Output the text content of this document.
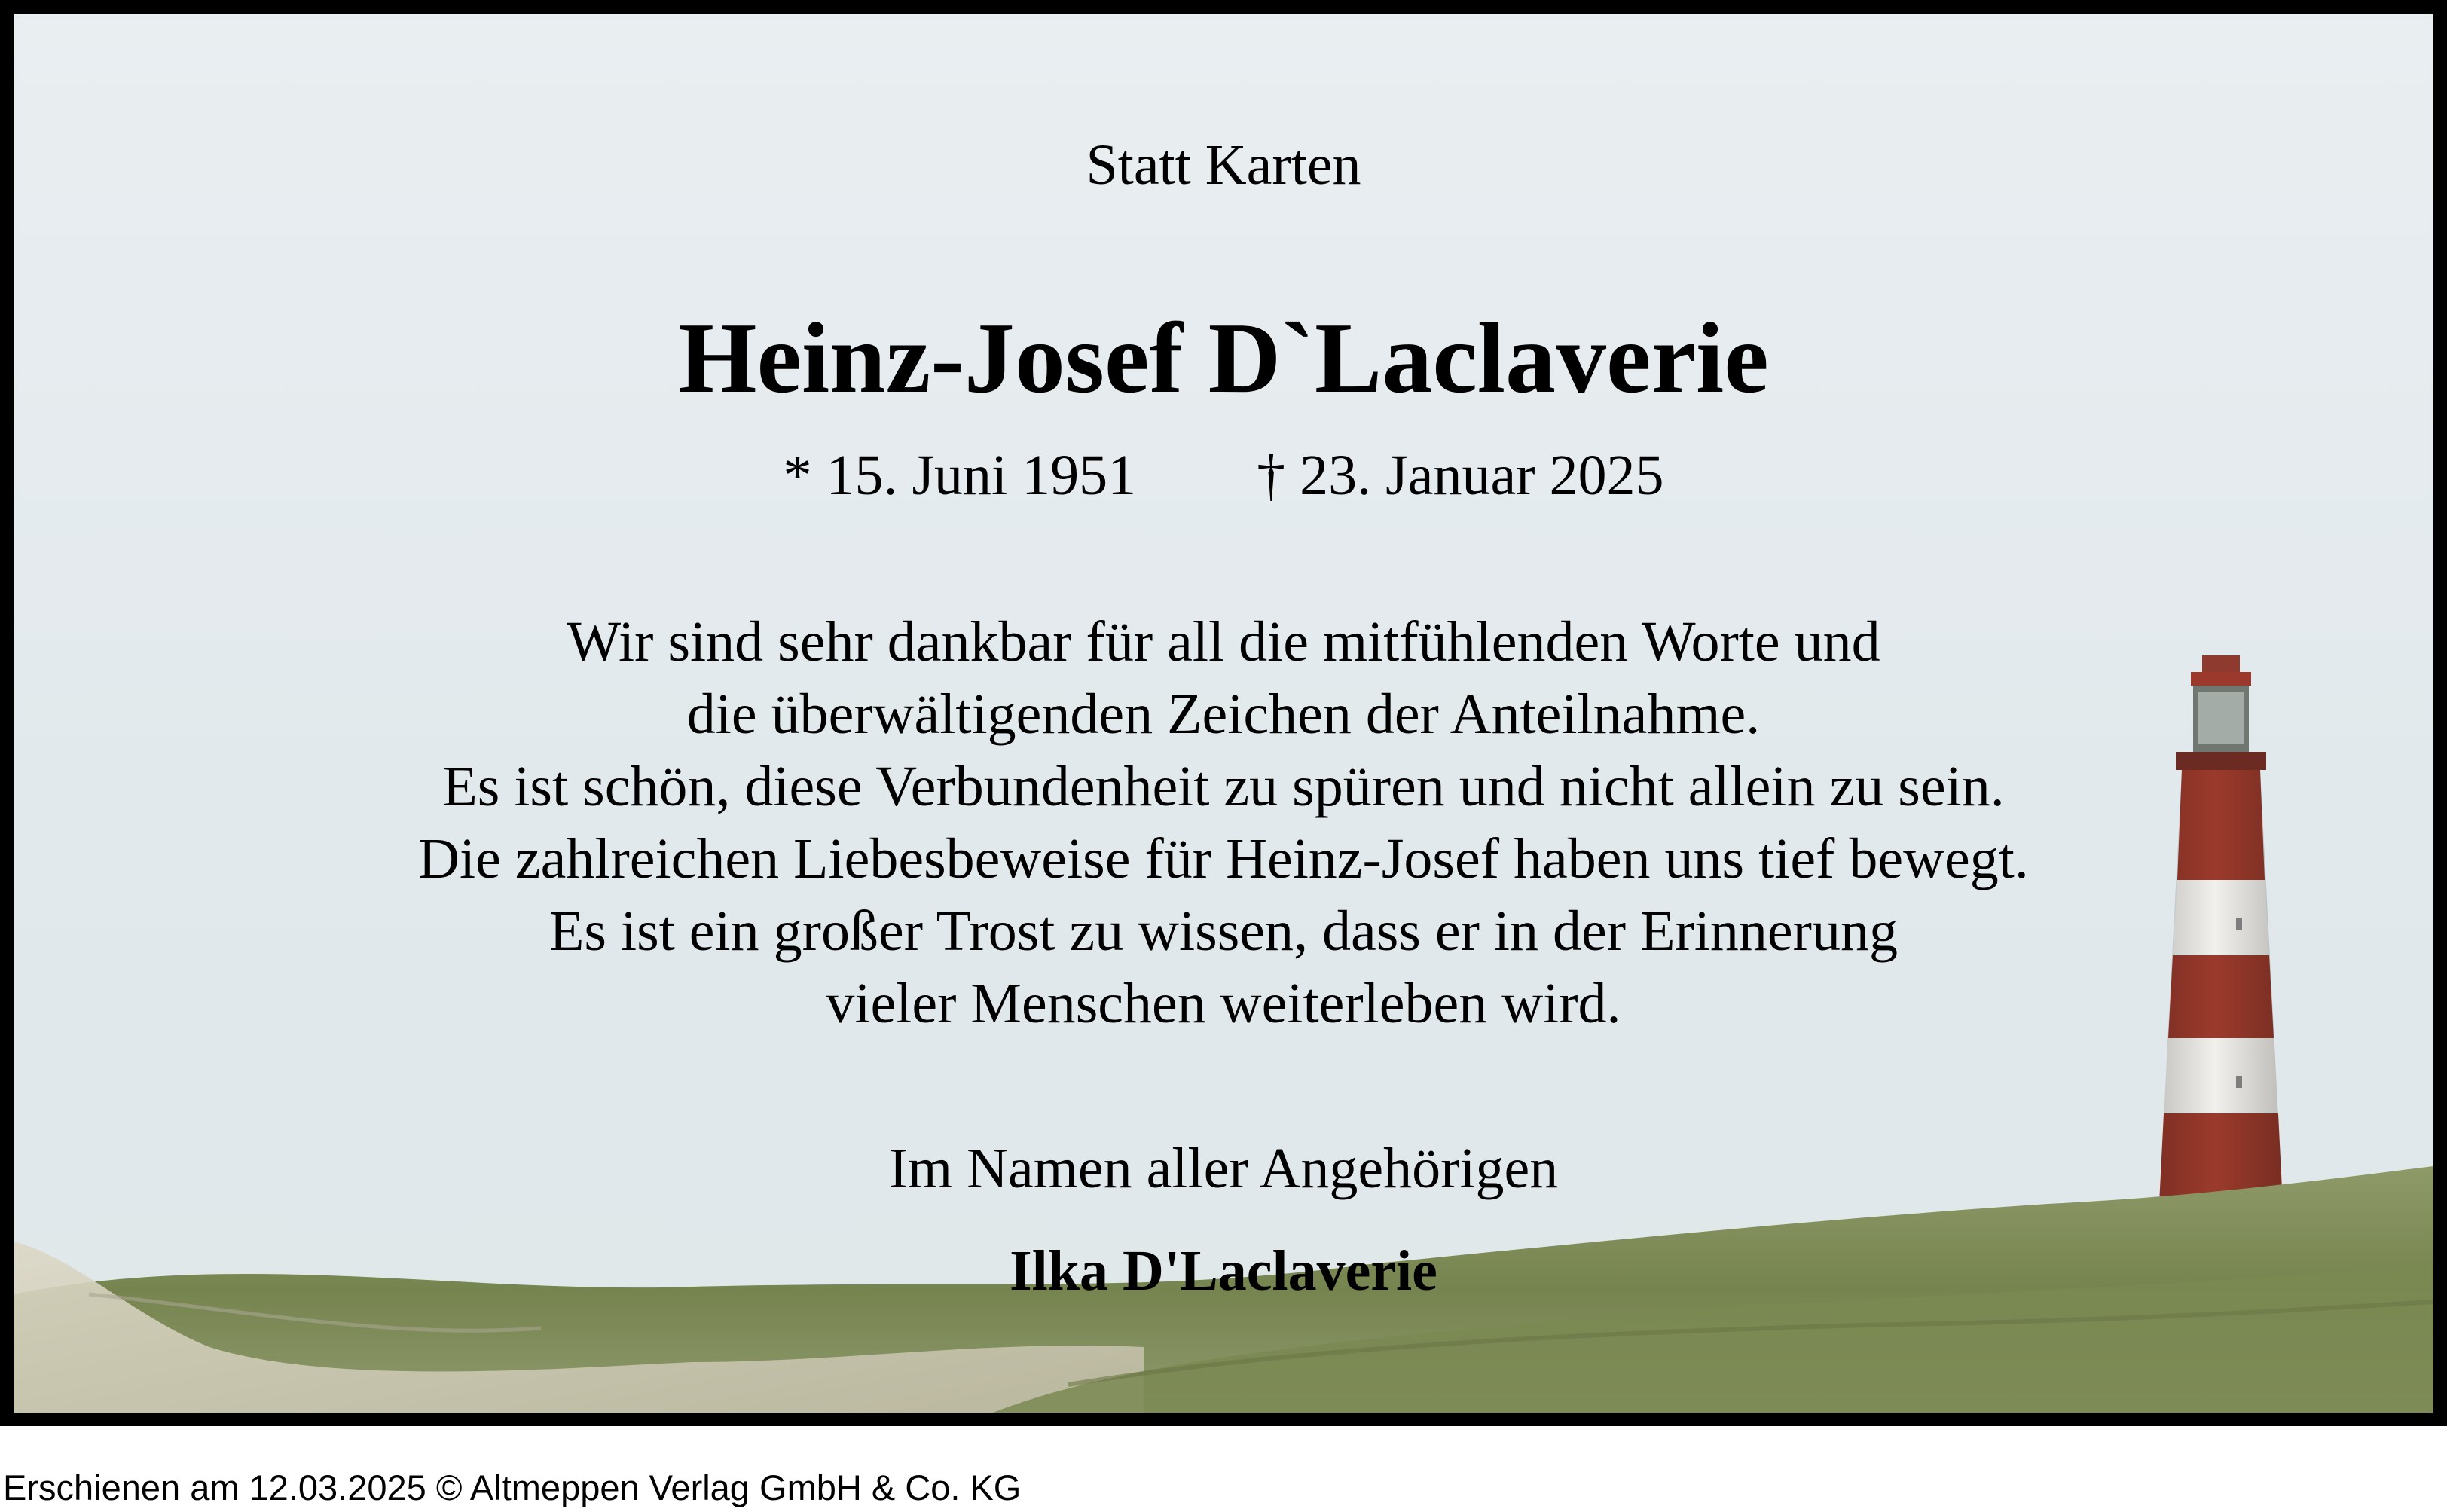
Statt Karten
Heinz-Josef D`Laclaverie
* 15. Juni 1951 † 23. Januar 2025
Wir sind sehr dankbar für all die mitfühlenden Worte und
die überwältigenden Zeichen der Anteilnahme.
Es ist schön, diese Verbundenheit zu spüren und nicht allein zu sein.
Die zahlreichen Liebesbeweise für Heinz-Josef haben uns tief bewegt.
Es ist ein großer Trost zu wissen, dass er in der Erinnerung
vieler Menschen weiterleben wird.
Im Namen aller Angehörigen
Ilka D'Laclaverie
Erschienen am 12.03.2025 © Altmeppen Verlag GmbH & Co. KG
